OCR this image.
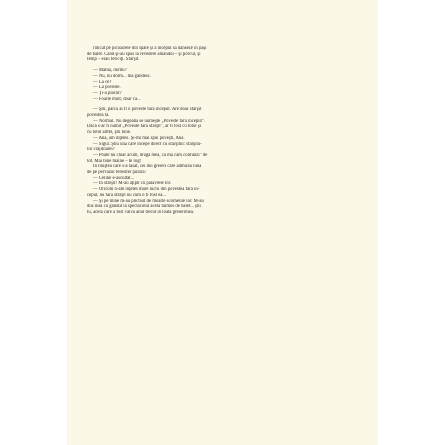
ridicat pe picioarele din spate şi a început să danseze în paşi
de balet. Când şi-au spus la revedere amândoi – şi porcul, şi
fetiţa – erau fericiţi. Sfârşit.
— Mama, dormi?
— Nu, nu dorm... mă gândesc.
— La ce?
— La poveste.
— Ţi-a plăcut?
— Foarte mult, doar că...
— Ştii, parcă ai fi o poveste fără început. Are doar sfârşit
povestea ta.
— Normal. Nu degeaba se numeşte „Poveste fără început".
Dacă s-ar fi numit „Poveste fără sfârşit", ar fi fost cu totul şi
cu totul altfel, ştii bine.
— Aha, am înţeles. Şi-mi mai spui poveşti, Ana.
— Sigur. Ştiu una care începe direct cu sfârşitul: sfârşitu-
lui vrăjitoarei?
— Poate nu chiar acum, dragă mea, că mă cam confunzi" de
tot. Mai bine mâine – te rog!
În liniştea care s-a lăsat, cei doi greieri care admirau luna
de pe pervazul ferestrei ţârâiră:
— Celine e-ascultat...
— În sfârşit! M-au aţipit cu palavrele lor.
— Oricum n-am înţeles mare lucru din povestea fără în-
ceput, nu fără sfârşit nu cum o fi fost ea...
— Şi pe mine m-au plictisit de moarte scornelile lor. M-au
dus însă cu gândul la spectacolul acela faimos de balet... ştii
tu, acela care a fost valvă anul trecut în toată greierimea.
